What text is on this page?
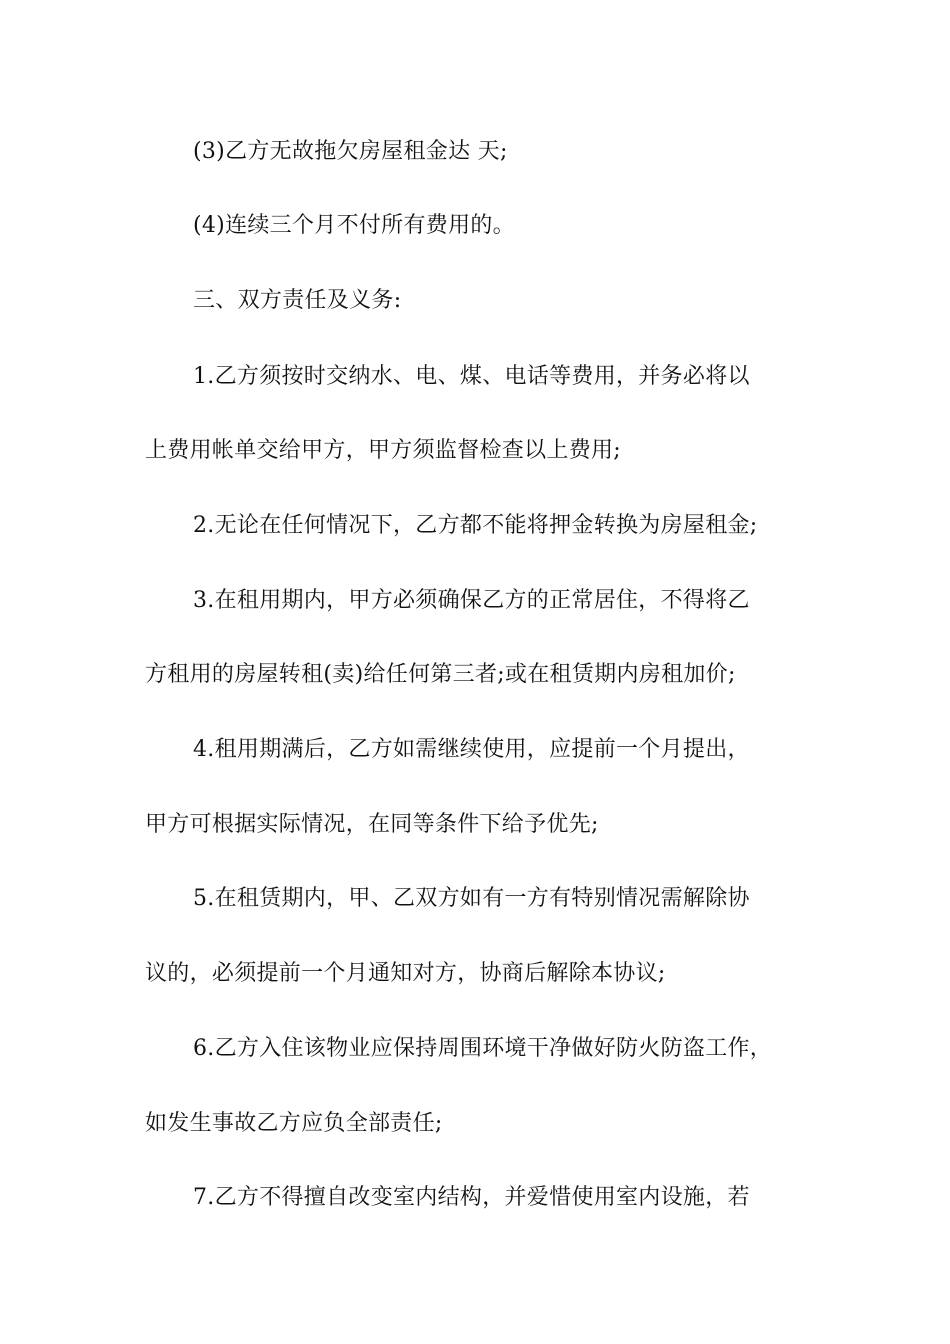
(3)乙方无故拖欠房屋租金达 天;
(4)连续三个月不付所有费用的。
三、双方责任及义务:
1.乙方须按时交纳水、电、煤、电话等费用，并务必将以
上费用帐单交给甲方，甲方须监督检查以上费用;
2.无论在任何情况下，乙方都不能将押金转换为房屋租金;
3.在租用期内，甲方必须确保乙方的正常居住，不得将乙
方租用的房屋转租(卖)给任何第三者;或在租赁期内房租加价;
4.租用期满后，乙方如需继续使用，应提前一个月提出，
甲方可根据实际情况，在同等条件下给予优先;
5.在租赁期内，甲、乙双方如有一方有特别情况需解除协
议的，必须提前一个月通知对方，协商后解除本协议;
6.乙方入住该物业应保持周围环境干净做好防火防盗工作，
如发生事故乙方应负全部责任;
7.乙方不得擅自改变室内结构，并爱惜使用室内设施，若
